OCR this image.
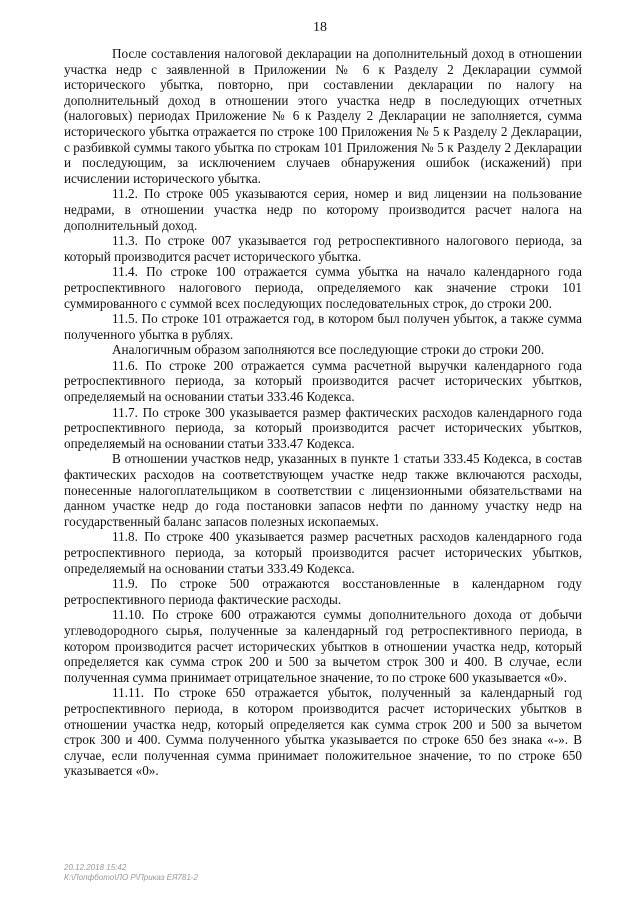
18

После составления налоговой декларации на дополнительный доход в отношении участка недр с заявленной в Приложении № 6 к Разделу 2 Декларации суммой исторического убытка, повторно, при составлении декларации по налогу на дополнительный доход в отношении этого участка недр в последующих отчетных (налоговых) периодах Приложение № 6 к Разделу 2 Декларации не заполняется, сумма исторического убытка отражается по строке 100 Приложения № 5 к Разделу 2 Декларации, с разбивкой суммы такого убытка по строкам 101 Приложения № 5 к Разделу 2 Декларации и последующим, за исключением случаев обнаружения ошибок (искажений) при исчислении исторического убытка.

11.2. По строке 005 указываются серия, номер и вид лицензии на пользование недрами, в отношении участка недр по которому производится расчет налога на дополнительный доход.

11.3. По строке 007 указывается год ретроспективного налогового периода, за который производится расчет исторического убытка.

11.4. По строке 100 отражается сумма убытка на начало календарного года ретроспективного налогового периода, определяемого как значение строки 101 суммированного с суммой всех последующих последовательных строк, до строки 200.

11.5. По строке 101 отражается год, в котором был получен убыток, а также сумма полученного убытка в рублях.

Аналогичным образом заполняются все последующие строки до строки 200.

11.6. По строке 200 отражается сумма расчетной выручки календарного года ретроспективного периода, за который производится расчет исторических убытков, определяемый на основании статьи 333.46 Кодекса.

11.7. По строке 300 указывается размер фактических расходов календарного года ретроспективного периода, за который производится расчет исторических убытков, определяемый на основании статьи 333.47 Кодекса.

В отношении участков недр, указанных в пункте 1 статьи 333.45 Кодекса, в состав фактических расходов на соответствующем участке недр также включаются расходы, понесенные налогоплательщиком в соответствии с лицензионными обязательствами на данном участке недр до года постановки запасов нефти по данному участку недр на государственный баланс запасов полезных ископаемых.

11.8. По строке 400 указывается размер расчетных расходов календарного года ретроспективного периода, за который производится расчет исторических убытков, определяемый на основании статьи 333.49 Кодекса.

11.9. По строке 500 отражаются восстановленные в календарном году ретроспективного периода фактические расходы.

11.10. По строке 600 отражаются суммы дополнительного дохода от добычи углеводородного сырья, полученные за календарный год ретроспективного периода, в котором производится расчет исторических убытков в отношении участка недр, который определяется как сумма строк 200 и 500 за вычетом строк 300 и 400. В случае, если полученная сумма принимает отрицательное значение, то по строке 600 указывается «0».

11.11. По строке 650 отражается убыток, полученный за календарный год ретроспективного периода, в котором производится расчет исторических убытков в отношении участка недр, который определяется как сумма строк 200 и 500 за вычетом строк 300 и 400. Сумма полученного убытка указывается по строке 650 без знака «-». В случае, если полученная сумма принимает положительное значение, то по строке 650 указывается «0».

20.12.2018 15:42
К:\Лопфбото\ЛО Р\Приказ ЕЯ781-2
